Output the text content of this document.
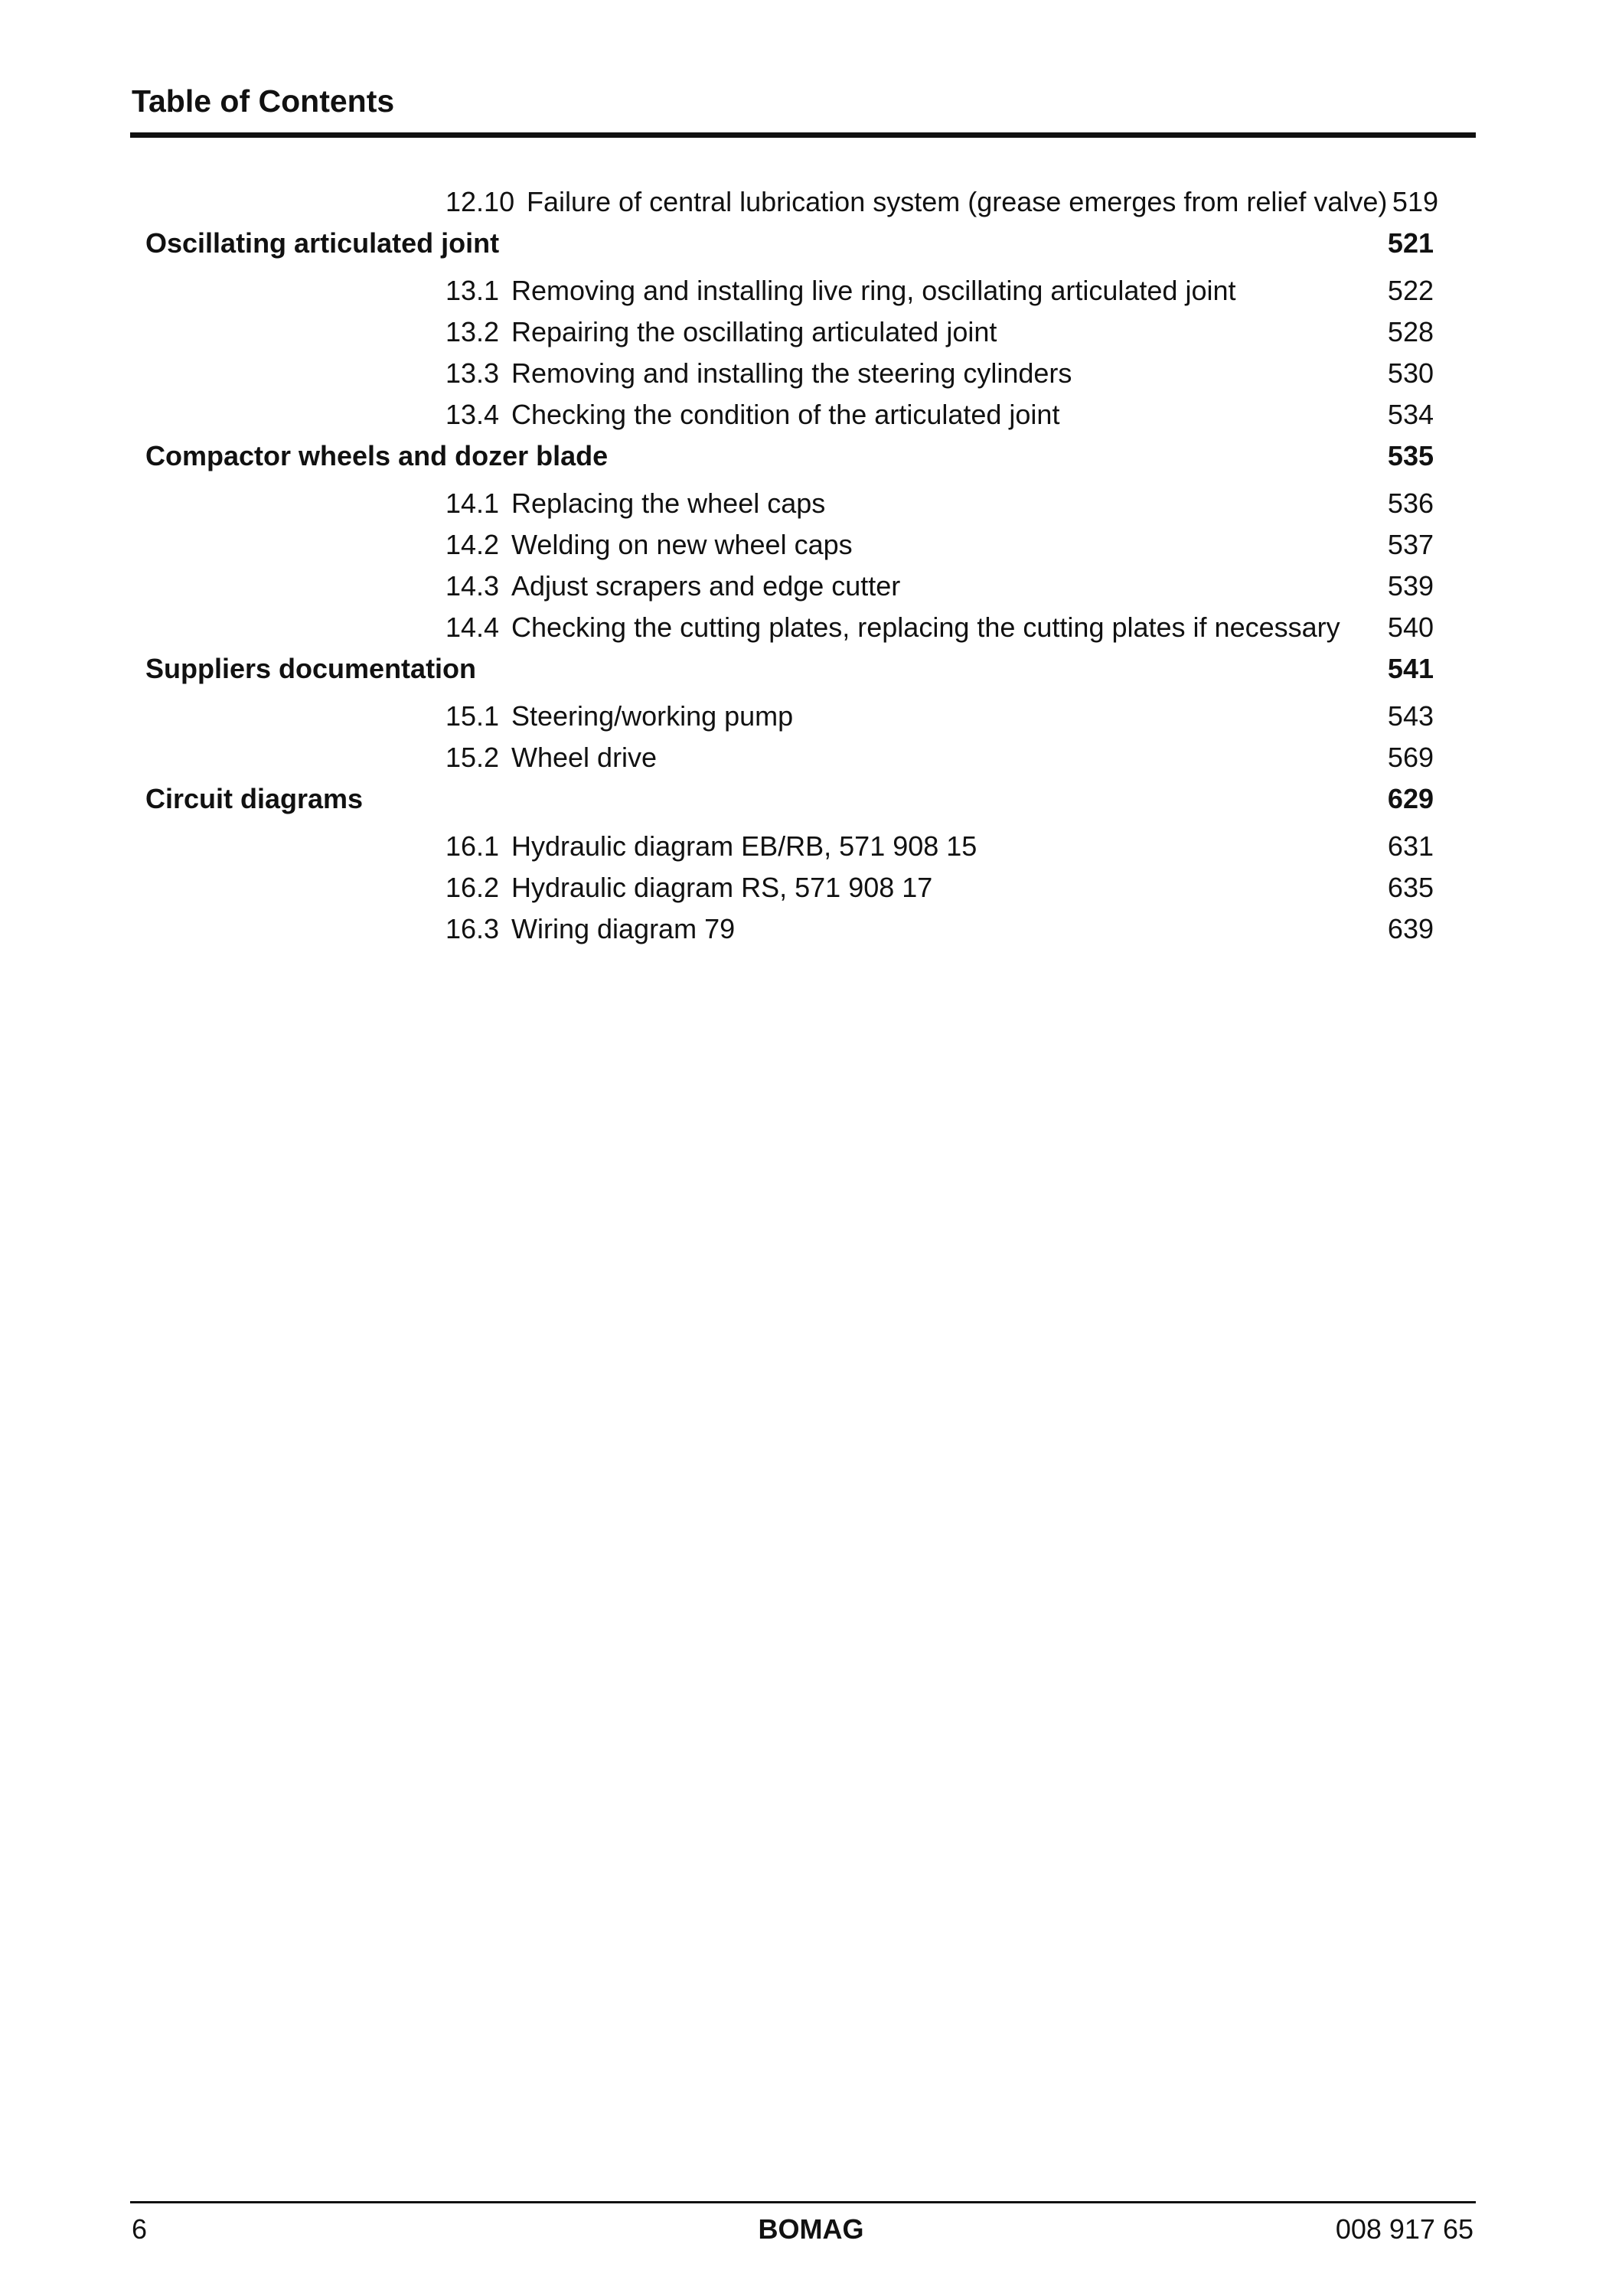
Table of Contents
12.10 Failure of central lubrication system (grease emerges from relief valve) 519
Oscillating articulated joint	521
13.1 Removing and installing live ring, oscillating articulated joint	522
13.2 Repairing the oscillating articulated joint	528
13.3 Removing and installing the steering cylinders	530
13.4 Checking the condition of the articulated joint	534
Compactor wheels and dozer blade	535
14.1 Replacing the wheel caps	536
14.2 Welding on new wheel caps	537
14.3 Adjust scrapers and edge cutter	539
14.4 Checking the cutting plates, replacing the cutting plates if necessary 540
Suppliers documentation	541
15.1 Steering/working pump	543
15.2 Wheel drive	569
Circuit diagrams	629
16.1 Hydraulic diagram EB/RB, 571 908 15	631
16.2 Hydraulic diagram RS, 571 908 17	635
16.3 Wiring diagram 79	639
6	BOMAG	008 917 65
